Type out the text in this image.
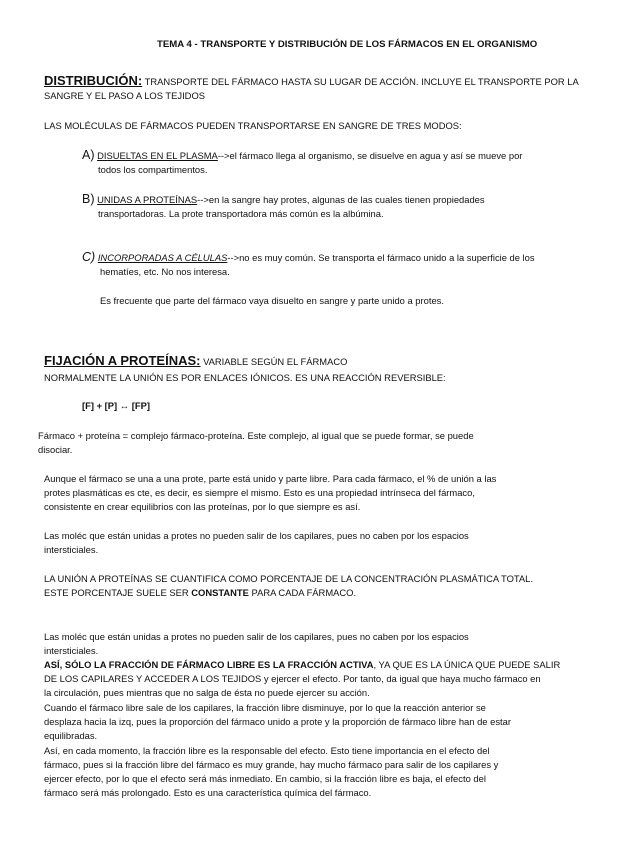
TEMA 4 - TRANSPORTE Y DISTRIBUCIÓN DE LOS FÁRMACOS EN EL ORGANISMO
DISTRIBUCIÓN: TRANSPORTE DEL FÁRMACO HASTA SU LUGAR DE ACCIÓN. INCLUYE EL TRANSPORTE POR LA
SANGRE Y EL PASO A LOS TEJIDOS
LAS MOLÉCULAS DE FÁRMACOS PUEDEN TRANSPORTARSE EN SANGRE DE TRES MODOS:
A) DISUELTAS EN EL PLASMA-->el fármaco llega al organismo, se disuelve en agua y así se mueve por
todos los compartimentos.
B) UNIDAS A PROTEÍNAS-->en la sangre hay protes, algunas de las cuales tienen propiedades
transportadoras. La prote transportadora más común es la albúmina.
C) INCORPORADAS A CÉLULAS-->no es muy común. Se transporta el fármaco unido a la superficie de los
hematíes, etc. No nos interesa.
Es frecuente que parte del fármaco vaya disuelto en sangre y parte unido a protes.
FIJACIÓN A PROTEÍNAS: VARIABLE SEGÚN EL FÁRMACO
NORMALMENTE LA UNIÓN ES POR ENLACES IÓNICOS. ES UNA REACCIÓN REVERSIBLE:
[F] + [P] ↔ [FP]
Fármaco + proteína = complejo fármaco-proteína. Este complejo, al igual que se puede formar, se puede
disociar.
Aunque el fármaco se una a una prote, parte está unido y parte libre. Para cada fármaco, el % de unión a las
protes plasmáticas es cte, es decir, es siempre el mismo. Esto es una propiedad intrínseca del fármaco,
consistente en crear equilibrios con las proteínas, por lo que siempre es así.
Las moléc que están unidas a protes no pueden salir de los capilares, pues no caben por los espacios
intersticiales.
LA UNIÓN A PROTEÍNAS SE CUANTIFICA COMO PORCENTAJE DE LA CONCENTRACIÓN PLASMÁTICA TOTAL.
ESTE PORCENTAJE SUELE SER CONSTANTE PARA CADA FÁRMACO.
Las moléc que están unidas a protes no pueden salir de los capilares, pues no caben por los espacios
intersticiales.
ASÍ, SÓLO LA FRACCIÓN DE FÁRMACO LIBRE ES LA FRACCIÓN ACTIVA, YA QUE ES LA ÚNICA QUE PUEDE SALIR
DE LOS CAPILARES Y ACCEDER A LOS TEJIDOS y ejercer el efecto. Por tanto, da igual que haya mucho fármaco en
la circulación, pues mientras que no salga de ésta no puede ejercer su acción.
Cuando el fármaco libre sale de los capilares, la fracción libre disminuye, por lo que la reacción anterior se
desplaza hacia la izq, pues la proporción del fármaco unido a prote y la proporción de fármaco libre han de estar
equilibradas.
Así, en cada momento, la fracción libre es la responsable del efecto. Esto tiene importancia en el efecto del
fármaco, pues si la fracción libre del fármaco es muy grande, hay mucho fármaco para salir de los capilares y
ejercer efecto, por lo que el efecto será más inmediato. En cambio, si la fracción libre es baja, el efecto del
fármaco será más prolongado. Esto es una característica química del fármaco.
